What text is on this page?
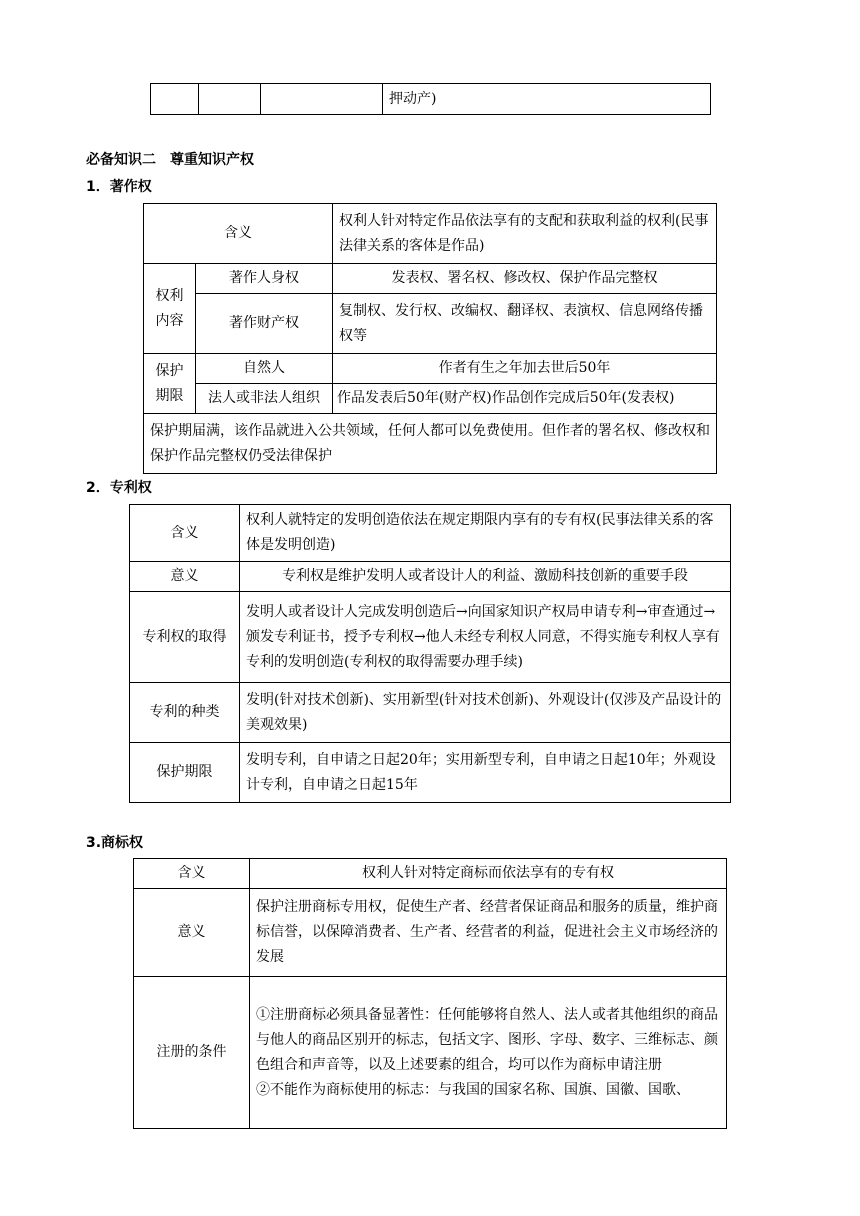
			押动产)
必备知识二　尊重知识产权
1．著作权
含义		权利人针对特定作品依法享有的支配和获取利益的权利(民事法律关系的客体是作品)
权利内容	著作人身权	发表权、署名权、修改权、保护作品完整权
	著作财产权	复制权、发行权、改编权、翻译权、表演权、信息网络传播权等
保护期限	自然人	作者有生之年加去世后50年
	法人或非法人组织	作品发表后50年(财产权)作品创作完成后50年(发表权)
保护期届满，该作品就进入公共领域，任何人都可以免费使用。但作者的署名权、修改权和保护作品完整权仍受法律保护		
2．专利权
含义	权利人就特定的发明创造依法在规定期限内享有的专有权(民事法律关系的客体是发明创造)
意义	专利权是维护发明人或者设计人的利益、激励科技创新的重要手段
专利权的取得	发明人或者设计人完成发明创造后→向国家知识产权局申请专利→审查通过→颁发专利证书，授予专利权→他人未经专利权人同意，不得实施专利权人享有专利的发明创造(专利权的取得需要办理手续)
专利的种类	发明(针对技术创新)、实用新型(针对技术创新)、外观设计(仅涉及产品设计的美观效果)
保护期限	发明专利，自申请之日起20年；实用新型专利，自申请之日起10年；外观设计专利，自申请之日起15年
3.商标权
含义	权利人针对特定商标而依法享有的专有权
意义	保护注册商标专用权，促使生产者、经营者保证商品和服务的质量，维护商标信誉，以保障消费者、生产者、经营者的利益，促进社会主义市场经济的发展
注册的条件	①注册商标必须具备显著性：任何能够将自然人、法人或者其他组织的商品与他人的商品区别开的标志，包括文字、图形、字母、数字、三维标志、颜色组合和声音等，以及上述要素的组合，均可以作为商标申请注册
②不能作为商标使用的标志：与我国的国家名称、国旗、国徽、国歌、
